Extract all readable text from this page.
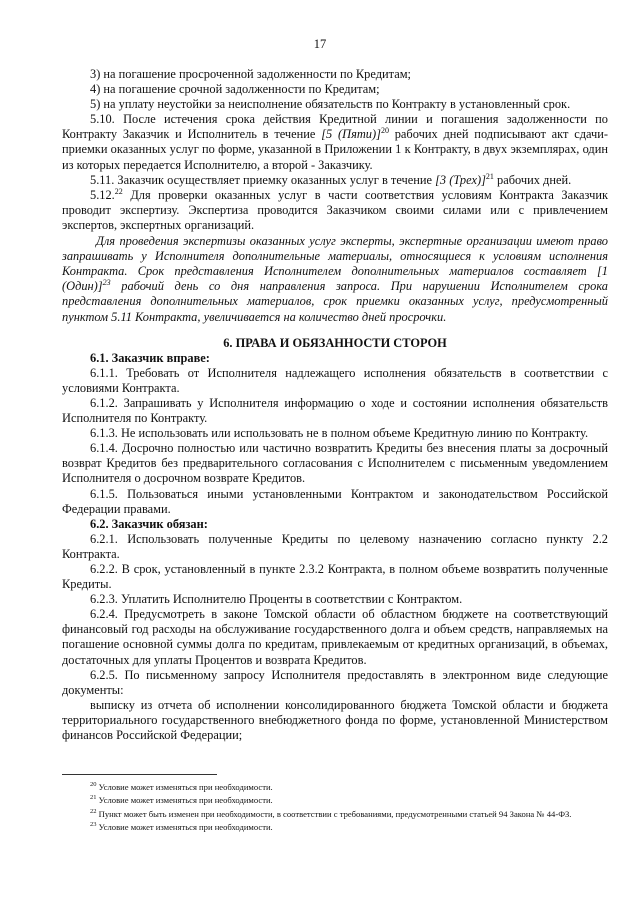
17

3) на погашение просроченной задолженности по Кредитам;

4) на погашение срочной задолженности по Кредитам;

5) на уплату неустойки за неисполнение обязательств по Контракту в установленный срок.

5.10. После истечения срока действия Кредитной линии и погашения задолженности по Контракту Заказчик и Исполнитель в течение [5 (Пяти)]$^{20}$ рабочих дней подписывают акт сдачи-приемки оказанных услуг по форме, указанной в Приложении 1 к Контракту, в двух экземплярах, один из которых передается Исполнителю, а второй - Заказчику.

5.11. Заказчик осуществляет приемку оказанных услуг в течение [3 (Трех)]$^{21}$ рабочих дней.

5.12.22 Для проверки оказанных услуг в части соответствия условиям Контракта Заказчик проводит экспертизу. Экспертиза проводится Заказчиком своими силами или с привлечением экспертов, экспертных организаций.

Для проведения экспертизы оказанных услуг эксперты, экспертные организации имеют право запрашивать у Исполнителя дополнительные материалы, относящиеся к условиям исполнения Контракта. Срок представления Исполнителем дополнительных материалов составляет [1 (Один)]$^{23}$ рабочий день со дня направления запроса. При нарушении Исполнителем срока представления дополнительных материалов, срок приемки оказанных услуг, предусмотренный пунктом 5.11 Контракта, увеличивается на количество дней просрочки.

6. ПРАВА И ОБЯЗАННОСТИ СТОРОН

6.1. Заказчик вправе:

6.1.1. Требовать от Исполнителя надлежащего исполнения обязательств в соответствии с условиями Контракта.

6.1.2. Запрашивать у Исполнителя информацию о ходе и состоянии исполнения обязательств Исполнителя по Контракту.

6.1.3. Не использовать или использовать не в полном объеме Кредитную линию по Контракту.

6.1.4. Досрочно полностью или частично возвратить Кредиты без внесения платы за досрочный возврат Кредитов без предварительного согласования с Исполнителем с письменным уведомлением Исполнителя о досрочном возврате Кредитов.

6.1.5. Пользоваться иными установленными Контрактом и законодательством Российской Федерации правами.

6.2. Заказчик обязан:

6.2.1. Использовать полученные Кредиты по целевому назначению согласно пункту 2.2 Контракта.

6.2.2. В срок, установленный в пункте 2.3.2 Контракта, в полном объеме возвратить полученные Кредиты.

6.2.3. Уплатить Исполнителю Проценты в соответствии с Контрактом.

6.2.4. Предусмотреть в законе Томской области об областном бюджете на соответствующий финансовый год расходы на обслуживание государственного долга и объем средств, направляемых на погашение основной суммы долга по кредитам, привлекаемым от кредитных организаций, в объемах, достаточных для уплаты Процентов и возврата Кредитов.

6.2.5. По письменному запросу Исполнителя предоставлять в электронном виде следующие документы:

выписку из отчета об исполнении консолидированного бюджета Томской области и бюджета территориального государственного внебюджетного фонда по форме, установленной Министерством финансов Российской Федерации;

$^{20}$ Условие может изменяться при необходимости.

$^{21}$ Условие может изменяться при необходимости.

$^{22}$ Пункт может быть изменен при необходимости, в соответствии с требованиями, предусмотренными статьей 94 Закона № 44-ФЗ.

$^{23}$ Условие может изменяться при необходимости.
